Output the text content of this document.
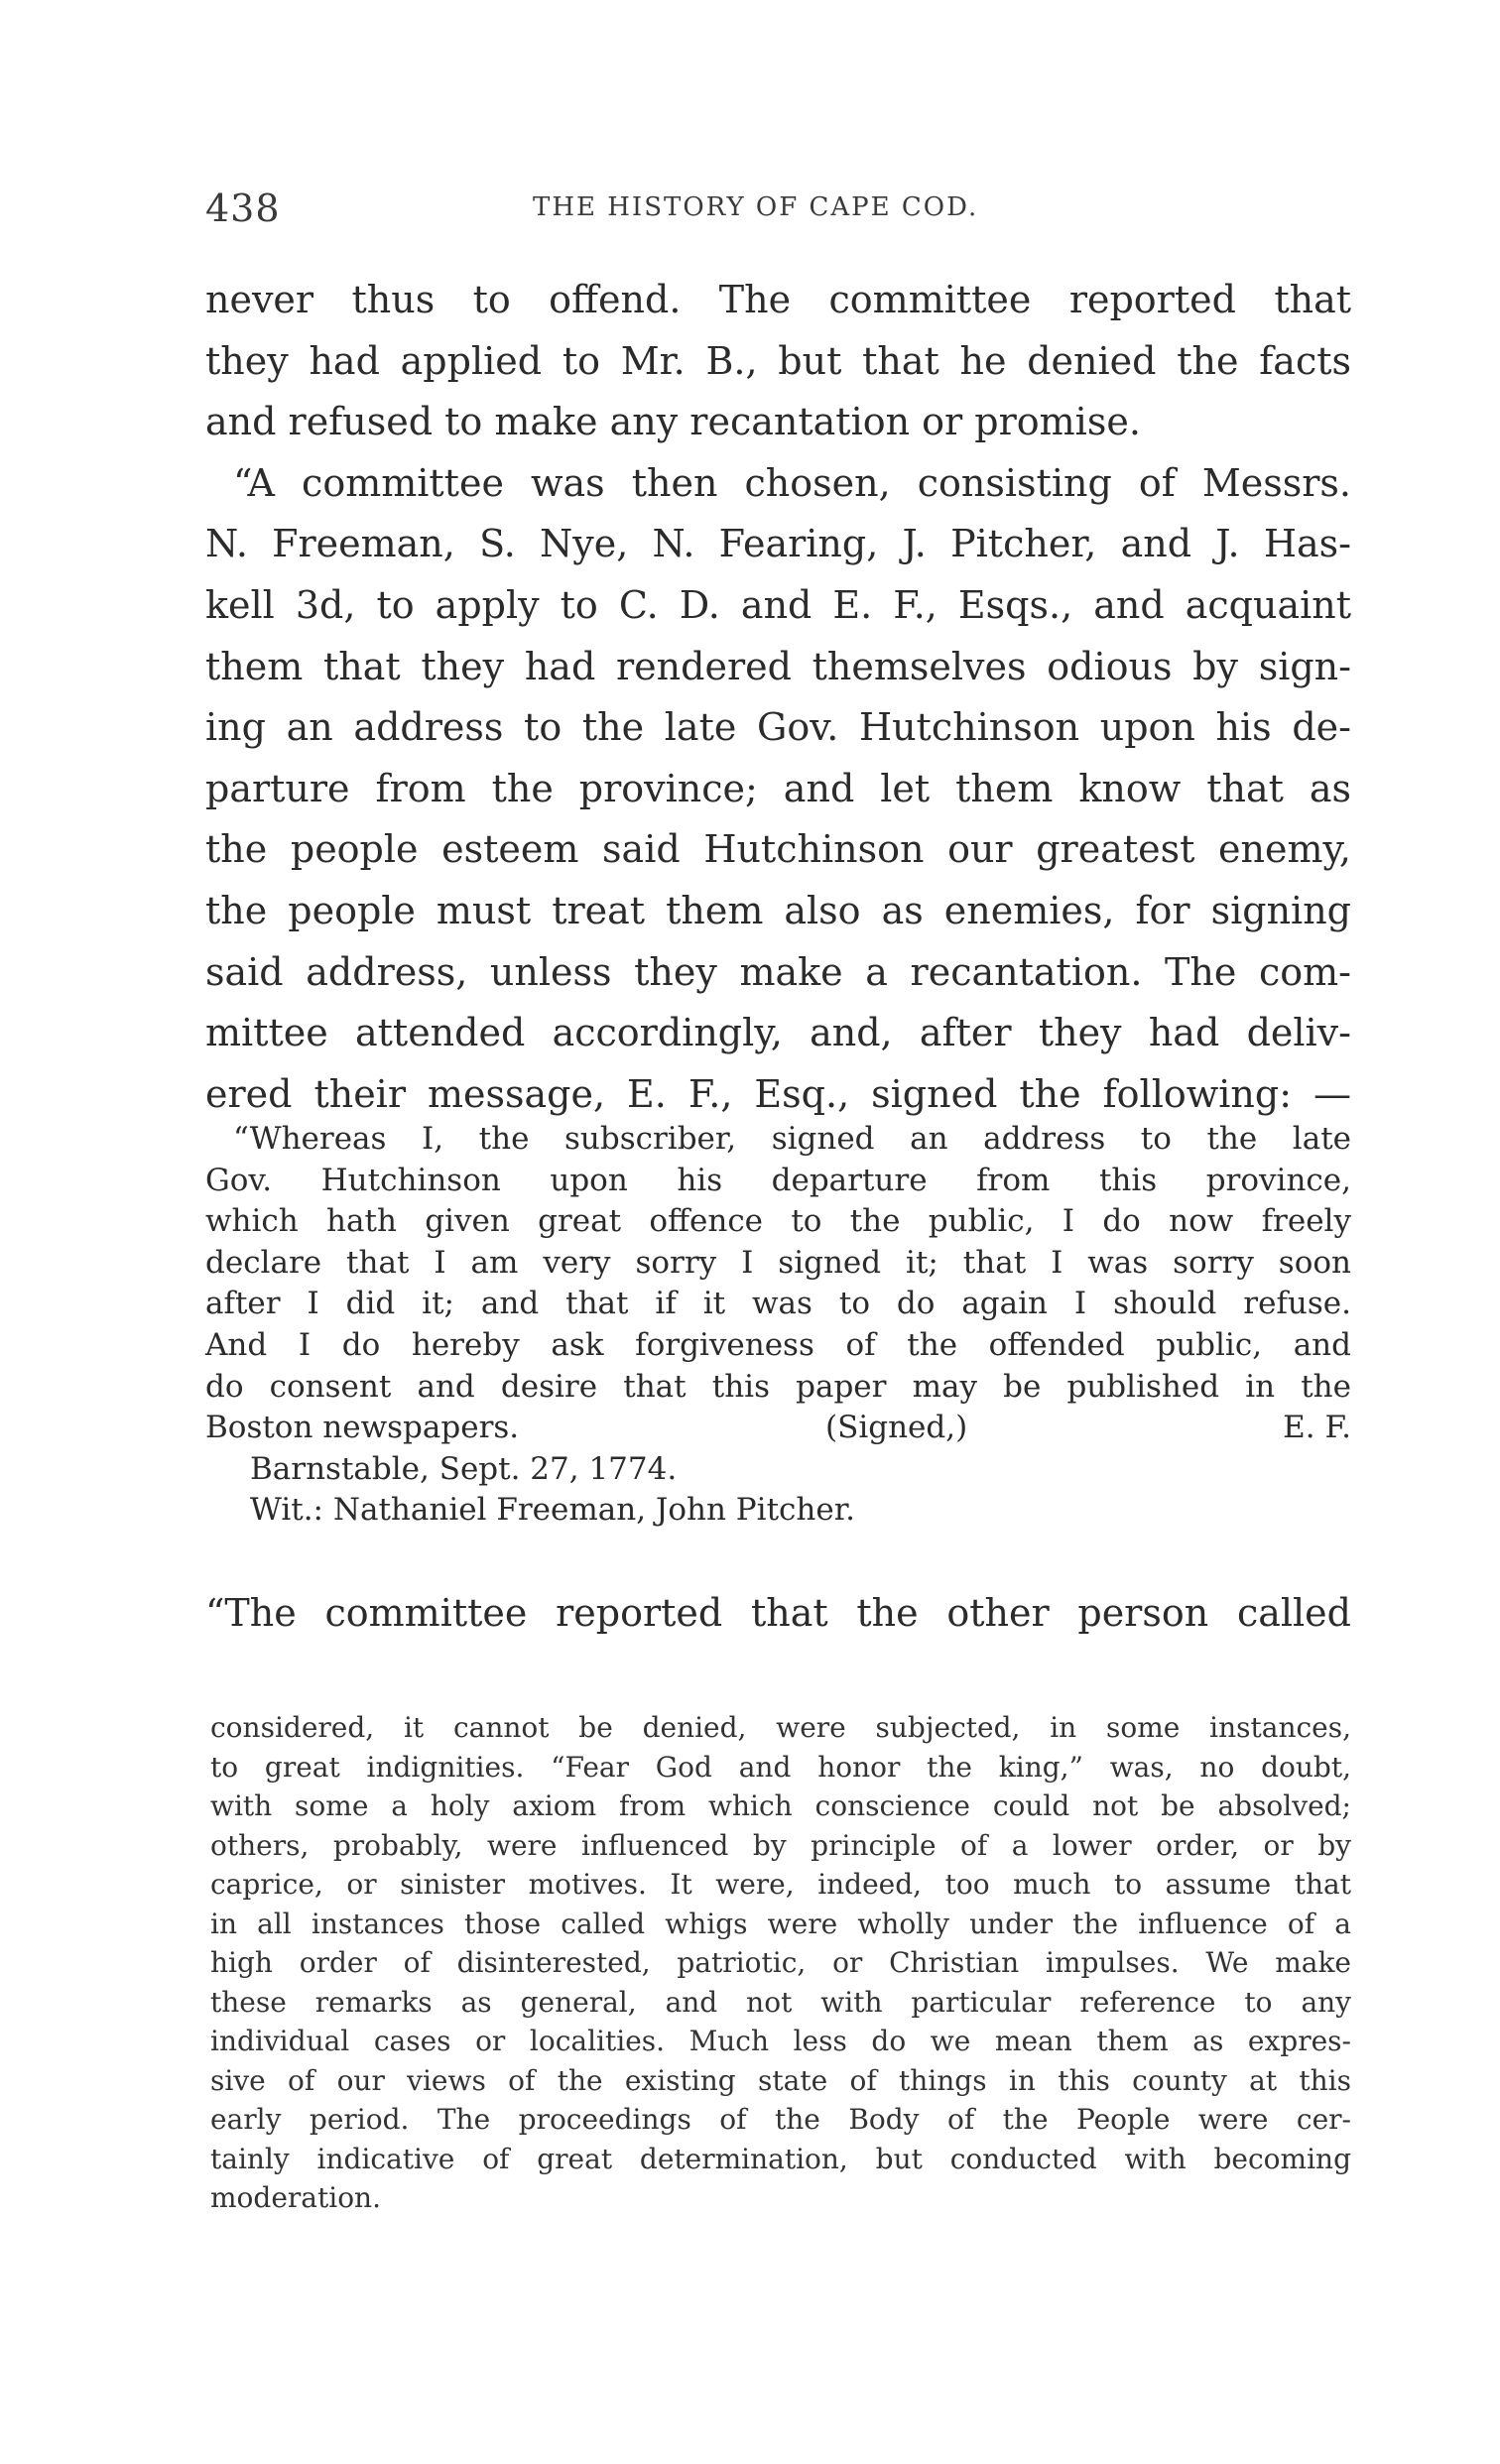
438	THE HISTORY OF CAPE COD.

never thus to offend. The committee reported that

they had applied to Mr. B., but that he denied the facts

and refused to make any recantation or promise.

“A committee was then chosen, consisting of Messrs.

N. Freeman, S. Nye, N. Fearing, J. Pitcher, and J. Has-

kell 3d, to apply to C. D. and E. F., Esqs., and acquaint

them that they had rendered themselves odious by sign-

ing an address to the late Gov. Hutchinson upon his de-

parture from the province; and let them know that as

the people esteem said Hutchinson our greatest enemy,

the people must treat them also as enemies, for signing

said address, unless they make a recantation. The com-

mittee attended accordingly, and, after they had deliv-

ered their message, E. F., Esq., signed the following: —

“Whereas I, the subscriber, signed an address to the late

Gov. Hutchinson upon his departure from this province,

which hath given great offence to the public, I do now freely

declare that I am very sorry I signed it; that I was sorry soon

after I did it; and that if it was to do again I should refuse.

And I do hereby ask forgiveness of the offended public, and

do consent and desire that this paper may be published in the

Boston newspapers.	(Signed,)	E. F.

Barnstable, Sept. 27, 1774.

Wit.: Nathaniel Freeman, John Pitcher.

“The committee reported that the other person called

considered, it cannot be denied, were subjected, in some instances,

to great indignities. “Fear God and honor the king,” was, no doubt,

with some a holy axiom from which conscience could not be absolved;

others, probably, were influenced by principle of a lower order, or by

caprice, or sinister motives. It were, indeed, too much to assume that

in all instances those called whigs were wholly under the influence of a

high order of disinterested, patriotic, or Christian impulses. We make

these remarks as general, and not with particular reference to any

individual cases or localities. Much less do we mean them as expres-

sive of our views of the existing state of things in this county at this

early period. The proceedings of the Body of the People were cer-

tainly indicative of great determination, but conducted with becoming

moderation.
